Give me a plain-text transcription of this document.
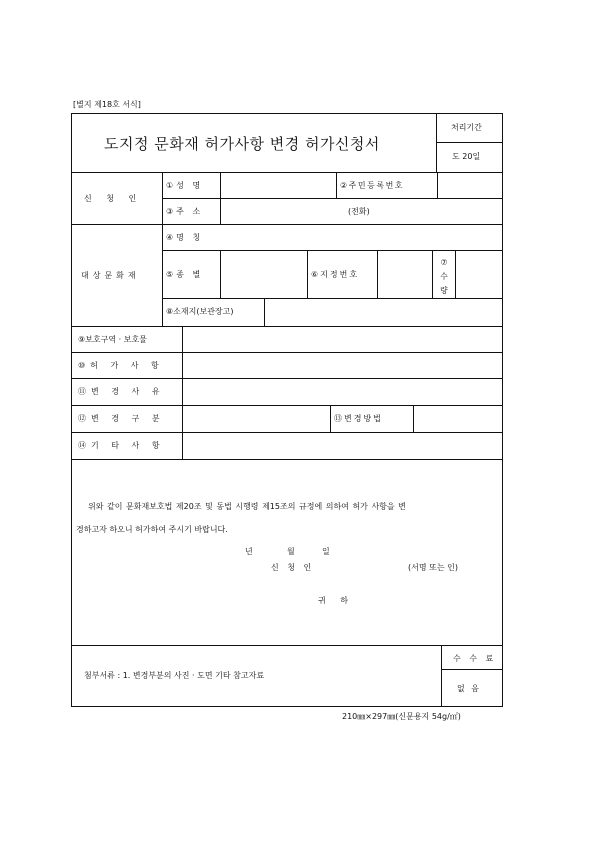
[별지 제18호 서식]
도지정 문화재 허가사항 변경 허가신청서
처리기간
도 20일
신 청 인
①성 명	②주민등록번호
③주 소	(전화)
대상문화재
④명 칭
⑤종 별	⑥지정번호
⑦
수
량
⑧소재지(보관장고)
⑨보호구역 · 보호물
⑩허 가 사 항
⑪변 경 사 유
⑫변 경 구 분	⑬변경방법
⑭기 타 사 항
위와 같이 문화재보호법 제20조 및 동법 시행령 제15조의 규정에 의하여 허가 사항을 변
경하고자 하오니 허가하여 주시기 바랍니다.
년	월	일
신 청 인	(서명 또는 인)
귀 하
첨부서류 : 1. 변경부분의 사진 · 도면 기타 참고자료
수 수 료
없 음
210㎜×297㎜(신문용지 54g/㎡)
